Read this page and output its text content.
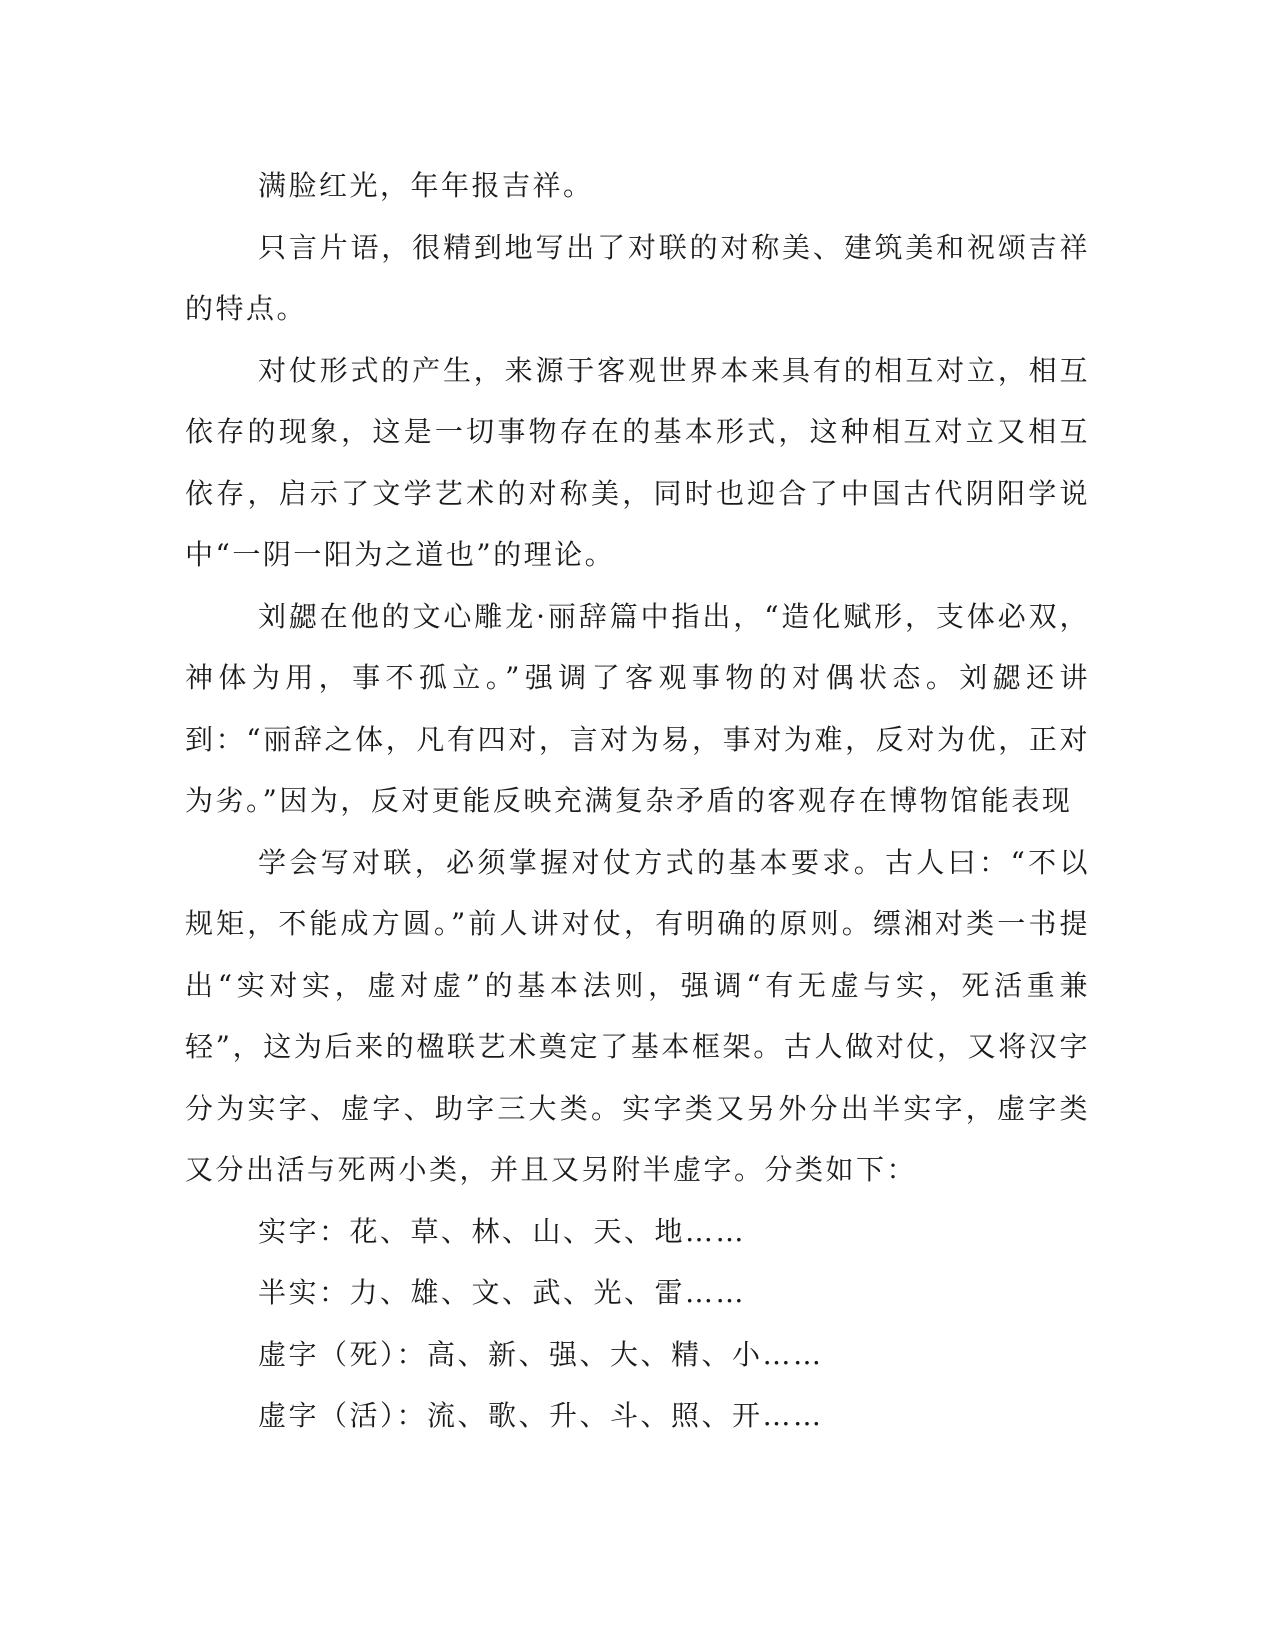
满脸红光，年年报吉祥。

只言片语，很精到地写出了对联的对称美、建筑美和祝颂吉祥的特点。

对仗形式的产生，来源于客观世界本来具有的相互对立，相互依存的现象，这是一切事物存在的基本形式，这种相互对立又相互依存，启示了文学艺术的对称美，同时也迎合了中国古代阴阳学说中“一阴一阳为之道也”的理论。

刘勰在他的文心雕龙·丽辞篇中指出，“造化赋形，支体必双，神体为用，事不孤立。”强调了客观事物的对偶状态。刘勰还讲到：“丽辞之体，凡有四对，言对为易，事对为难，反对为优，正对为劣。”因为，反对更能反映充满复杂矛盾的客观存在博物馆能表现

学会写对联，必须掌握对仗方式的基本要求。古人曰：“不以规矩，不能成方圆。”前人讲对仗，有明确的原则。缥湘对类一书提出“实对实，虚对虚”的基本法则，强调“有无虚与实，死活重兼轻”，这为后来的楹联艺术奠定了基本框架。古人做对仗，又将汉字分为实字、虚字、助字三大类。实字类又另外分出半实字，虚字类又分出活与死两小类，并且又另附半虚字。分类如下：

实字：花、草、林、山、天、地……

半实：力、雄、文、武、光、雷……

虚字（死）：高、新、强、大、精、小……

虚字（活）：流、歌、升、斗、照、开……
